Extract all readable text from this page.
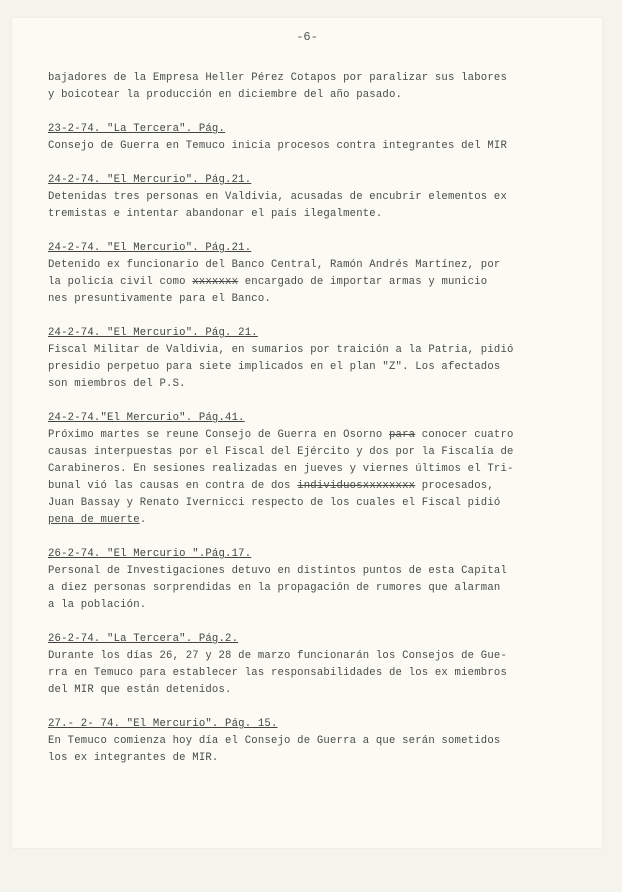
-6-

bajadores de la Empresa Heller Pérez Cotapos por paralizar sus labores
y boicotear la producción en diciembre del año pasado.

23-2-74. "La Tercera". Pág.

Consejo de Guerra en Temuco inicia procesos contra integrantes del MIR

24-2-74. "El Mercurio". Pág.21.

Detenidas tres personas en Valdivia, acusadas de encubrir elementos ex
tremistas e intentar abandonar el país ilegalmente.

24-2-74. "El Mercurio". Pág.21.

Detenido ex funcionario del Banco Central, Ramón Andrés Martínez, por
la policía civil como xxxxxxx encargado de importar armas y municio
nes presuntivamente para el Banco.

24-2-74. "El Mercurio". Pág. 21.

Fiscal Militar de Valdivia, en sumarios por traición a la Patria, pidió
presidio perpetuo para siete implicados en el plan "Z". Los afectados
son miembros del P.S.

24-2-74."El Mercurio". Pág.41.

Próximo martes se reune Consejo de Guerra en Osorno para conocer cuatro
causas interpuestas por el Fiscal del Ejército y dos por la Fiscalía de
Carabineros. En sesiones realizadas en jueves y viernes últimos el Tri-
bunal vió las causas en contra de dos individuosxxxxxxxx procesados,
Juan Bassay y Renato Ivernicci respecto de los cuales el Fiscal pidió
pena de muerte.

26-2-74. "El Mercurio ".Pág.17.

Personal de Investigaciones detuvo en distintos puntos de esta Capital
a diez personas sorprendidas en la propagación de rumores que alarman
a la población.

26-2-74. "La Tercera". Pág.2.

Durante los días 26, 27 y 28 de marzo funcionarán los Consejos de Gue-
rra en Temuco para establecer las responsabilidades de los ex miembros
del MIR que están detenidos.

27.- 2- 74. "El Mercurio". Pág. 15.

En Temuco comienza hoy día el Consejo de Guerra a que serán sometidos
los ex integrantes de MIR.
